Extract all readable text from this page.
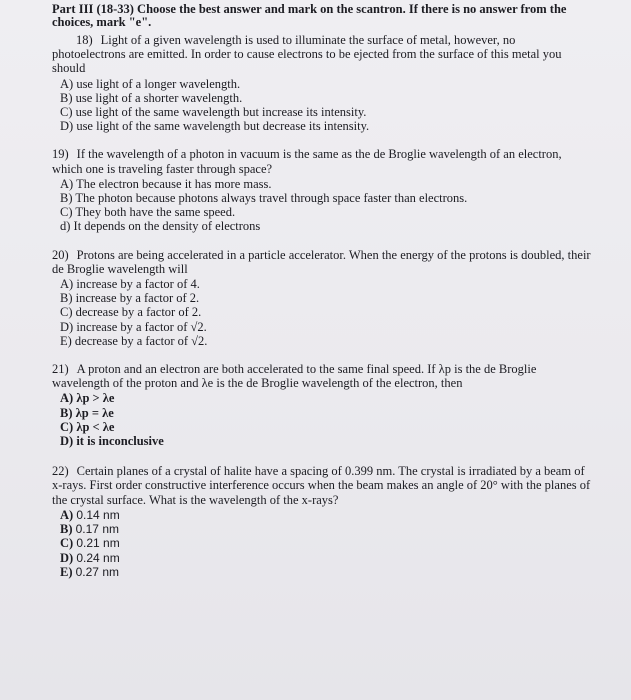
Part III (18-33) Choose the best answer and mark on the scantron. If there is no answer from the choices, mark "e".

18) Light of a given wavelength is used to illuminate the surface of metal, however, no photoelectrons are emitted. In order to cause electrons to be ejected from the surface of this metal you should

A) use light of a longer wavelength.
B) use light of a shorter wavelength.
C) use light of the same wavelength but increase its intensity.
D) use light of the same wavelength but decrease its intensity.

19) If the wavelength of a photon in vacuum is the same as the de Broglie wavelength of an electron, which one is traveling faster through space?

A) The electron because it has more mass.
B) The photon because photons always travel through space faster than electrons.
C) They both have the same speed.
d) It depends on the density of electrons

20) Protons are being accelerated in a particle accelerator. When the energy of the protons is doubled, their de Broglie wavelength will

A) increase by a factor of 4.
B) increase by a factor of 2.
C) decrease by a factor of 2.
D) increase by a factor of √2.
E) decrease by a factor of √2.

21) A proton and an electron are both accelerated to the same final speed. If λp is the de Broglie wavelength of the proton and λe is the de Broglie wavelength of the electron, then

A) λp > λe
B) λp = λe
C) λp < λe
D) it is inconclusive

22) Certain planes of a crystal of halite have a spacing of 0.399 nm. The crystal is irradiated by a beam of x-rays. First order constructive interference occurs when the beam makes an angle of 20° with the planes of the crystal surface. What is the wavelength of the x-rays?

A) 0.14 nm
B) 0.17 nm
C) 0.21 nm
D) 0.24 nm
E) 0.27 nm
